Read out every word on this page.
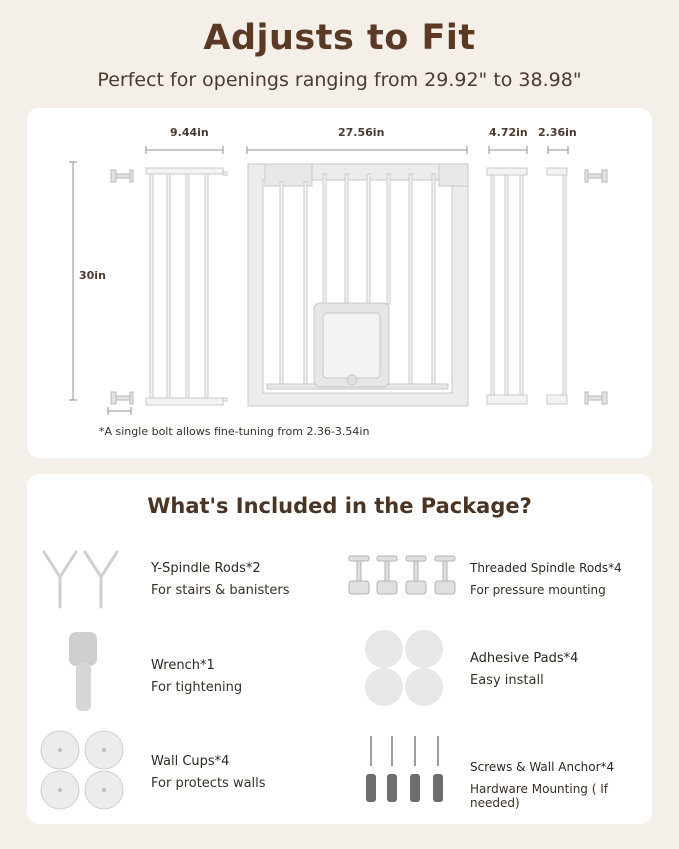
Adjusts to Fit
Perfect for openings ranging from 29.92" to 38.98"
9.44in	27.56in	4.72in 2.36in
30in
*A single bolt allows fine-tuning from 2.36-3.54in
What's Included in the Package?
Y-Spindle Rods*2
For stairs & banisters
Threaded Spindle Rods*4
For pressure mounting
Wrench*1
For tightening
Adhesive Pads*4
Easy install
Wall Cups*4
For protects walls
Screws & Wall Anchor*4
Hardware Mounting ( If needed)
